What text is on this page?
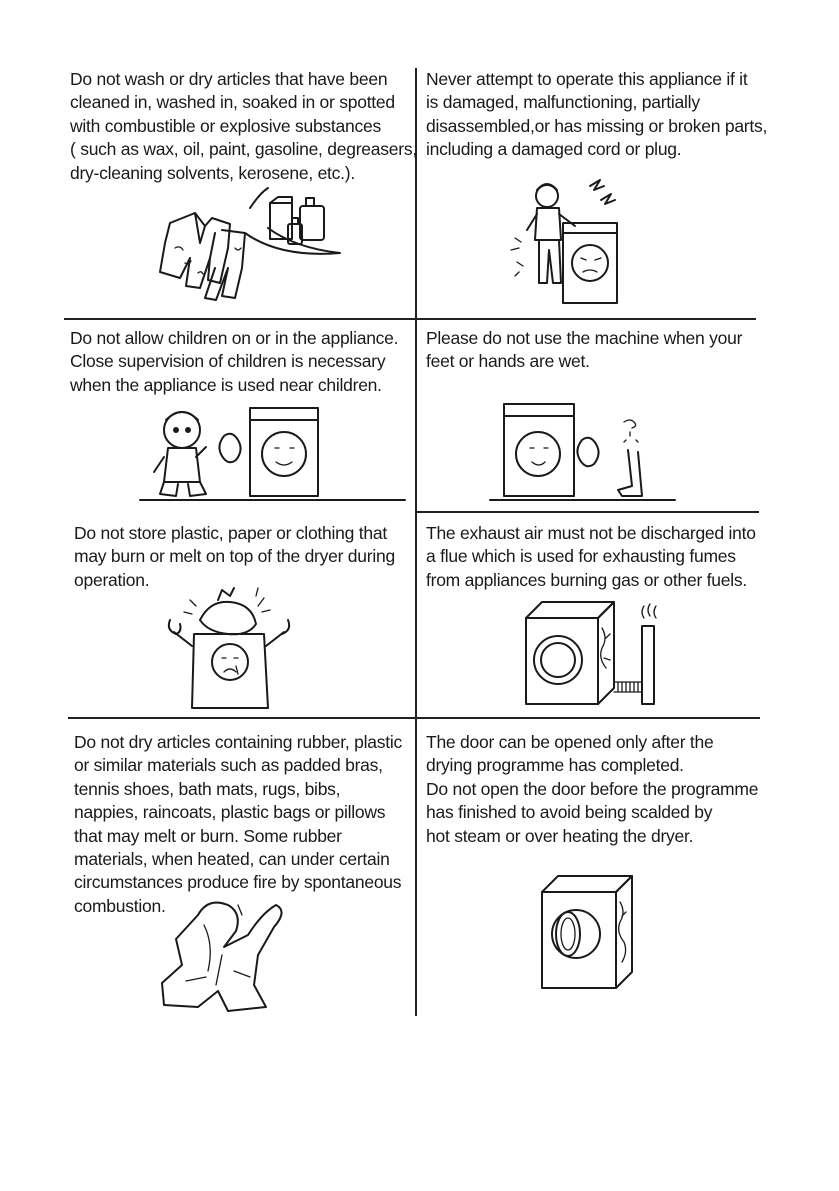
Do not wash or dry articles that have been
cleaned in, washed in, soaked in or spotted
with combustible or explosive substances
( such as wax, oil, paint, gasoline, degreasers,
dry-cleaning solvents, kerosene, etc.).
Never attempt to operate this appliance if it
is damaged, malfunctioning, partially
disassembled,or has missing or broken parts,
including a damaged cord or plug.
Do not allow children on or in the appliance.
Close supervision of children is necessary
when the appliance is used near children.
Please do not use the machine when your
feet or hands are wet.
Do not store plastic, paper or clothing that
may burn or melt on top of the dryer during
operation.
The exhaust air must not be discharged into
a flue which is used for exhausting fumes
from appliances burning gas or other fuels.
Do not dry articles containing rubber, plastic
or similar materials such as padded bras,
tennis shoes, bath mats, rugs, bibs,
nappies, raincoats, plastic bags or pillows
that may melt or burn. Some rubber
materials, when heated, can under certain
circumstances produce fire by spontaneous
combustion.
The door can be opened only after the
drying programme has completed.
Do not open the door before the programme
has finished to avoid being scalded by
hot steam or over heating the dryer.
